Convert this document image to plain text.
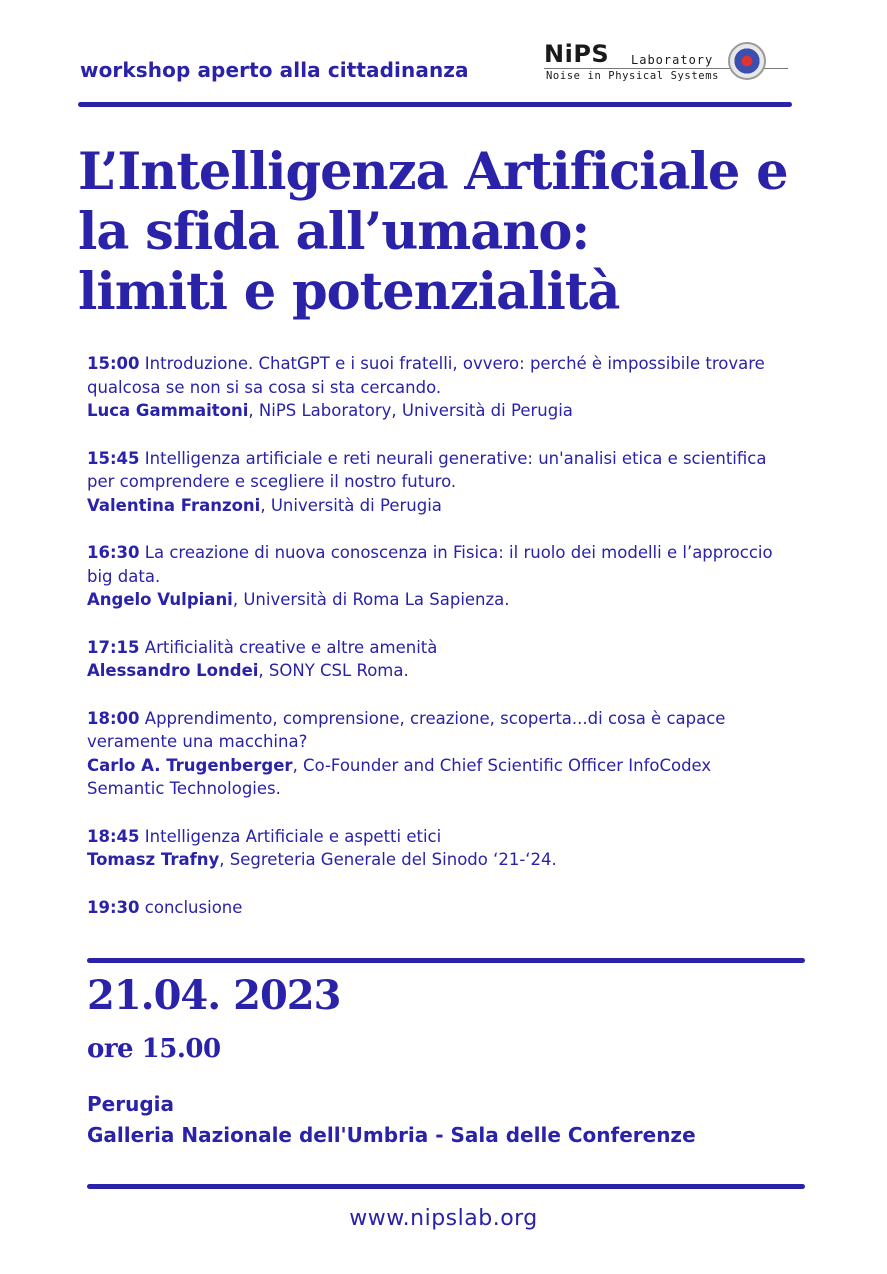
workshop aperto alla cittadinanza
NiPS Laboratory
Noise in Physical Systems
L’Intelligenza Artificiale e
la sfida all’umano:
limiti e potenzialità

15:00 Introduzione. ChatGPT e i suoi fratelli, ovvero: perché è impossibile trovare qualcosa se non si sa cosa si sta cercando.

Luca Gammaitoni, NiPS Laboratory, Università di Perugia

15:45 Intelligenza artificiale e reti neurali generative: un'analisi etica e scientifica per comprendere e scegliere il nostro futuro.

Valentina Franzoni, Università di Perugia

16:30 La creazione di nuova conoscenza in Fisica: il ruolo dei modelli e l’approccio big data.

Angelo Vulpiani, Università di Roma La Sapienza.

17:15 Artificialità creative e altre amenità

Alessandro Londei, SONY CSL Roma.

18:00 Apprendimento, comprensione, creazione, scoperta...di cosa è capace veramente una macchina?

Carlo A. Trugenberger, Co-Founder and Chief Scientific Officer InfoCodex Semantic Technologies.

18:45 Intelligenza Artificiale e aspetti etici

Tomasz Trafny, Segreteria Generale del Sinodo ‘21-‘24.

19:30 conclusione

21.04. 2023
ore 15.00
Perugia
Galleria Nazionale dell'Umbria - Sala delle Conferenze
www.nipslab.org
